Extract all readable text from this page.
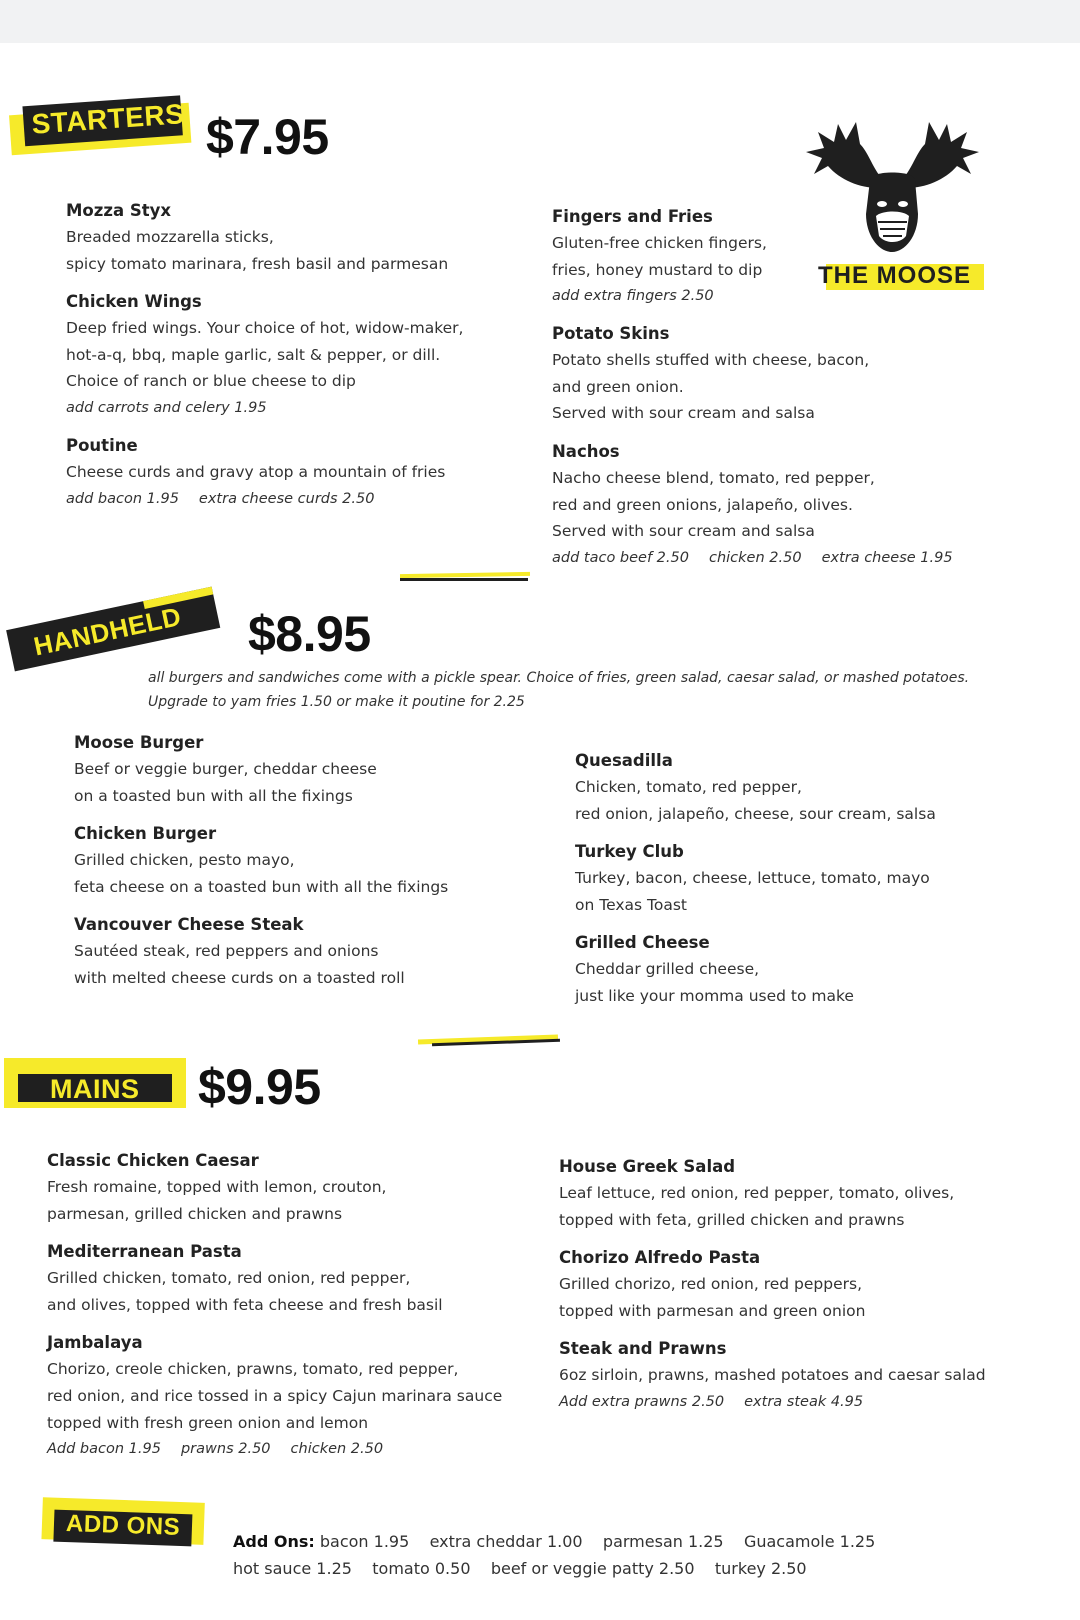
STARTERS $7.95
Mozza Styx
Breaded mozzarella sticks,
spicy tomato marinara, fresh basil and parmesan
Chicken Wings
Deep fried wings. Your choice of hot, widow-maker,
hot-a-q, bbq, maple garlic, salt & pepper, or dill.
Choice of ranch or blue cheese to dip
add carrots and celery 1.95
Poutine
Cheese curds and gravy atop a mountain of fries
add bacon 1.95 extra cheese curds 2.50
Fingers and Fries
Gluten-free chicken fingers,
fries, honey mustard to dip
add extra fingers 2.50
Potato Skins
Potato shells stuffed with cheese, bacon,
and green onion.
Served with sour cream and salsa
Nachos
Nacho cheese blend, tomato, red pepper,
red and green onions, jalapeño, olives.
Served with sour cream and salsa
add taco beef 2.50 chicken 2.50 extra cheese 1.95
THE MOOSE
HANDHELD $8.95
all burgers and sandwiches come with a pickle spear. Choice of fries, green salad, caesar salad, or mashed potatoes.
Upgrade to yam fries 1.50 or make it poutine for 2.25
Moose Burger
Beef or veggie burger, cheddar cheese
on a toasted bun with all the fixings
Chicken Burger
Grilled chicken, pesto mayo,
feta cheese on a toasted bun with all the fixings
Vancouver Cheese Steak
Sautéed steak, red peppers and onions
with melted cheese curds on a toasted roll
Quesadilla
Chicken, tomato, red pepper,
red onion, jalapeño, cheese, sour cream, salsa
Turkey Club
Turkey, bacon, cheese, lettuce, tomato, mayo
on Texas Toast
Grilled Cheese
Cheddar grilled cheese,
just like your momma used to make
MAINS $9.95
Classic Chicken Caesar
Fresh romaine, topped with lemon, crouton,
parmesan, grilled chicken and prawns
Mediterranean Pasta
Grilled chicken, tomato, red onion, red pepper,
and olives, topped with feta cheese and fresh basil
Jambalaya
Chorizo, creole chicken, prawns, tomato, red pepper,
red onion, and rice tossed in a spicy Cajun marinara sauce
topped with fresh green onion and lemon
Add bacon 1.95 prawns 2.50 chicken 2.50
House Greek Salad
Leaf lettuce, red onion, red pepper, tomato, olives,
topped with feta, grilled chicken and prawns
Chorizo Alfredo Pasta
Grilled chorizo, red onion, red peppers,
topped with parmesan and green onion
Steak and Prawns
6oz sirloin, prawns, mashed potatoes and caesar salad
Add extra prawns 2.50 extra steak 4.95
ADD ONS
Add Ons: bacon 1.95    extra cheddar 1.00    parmesan 1.25    Guacamole 1.25
hot sauce 1.25    tomato 0.50    beef or veggie patty 2.50    turkey 2.50
